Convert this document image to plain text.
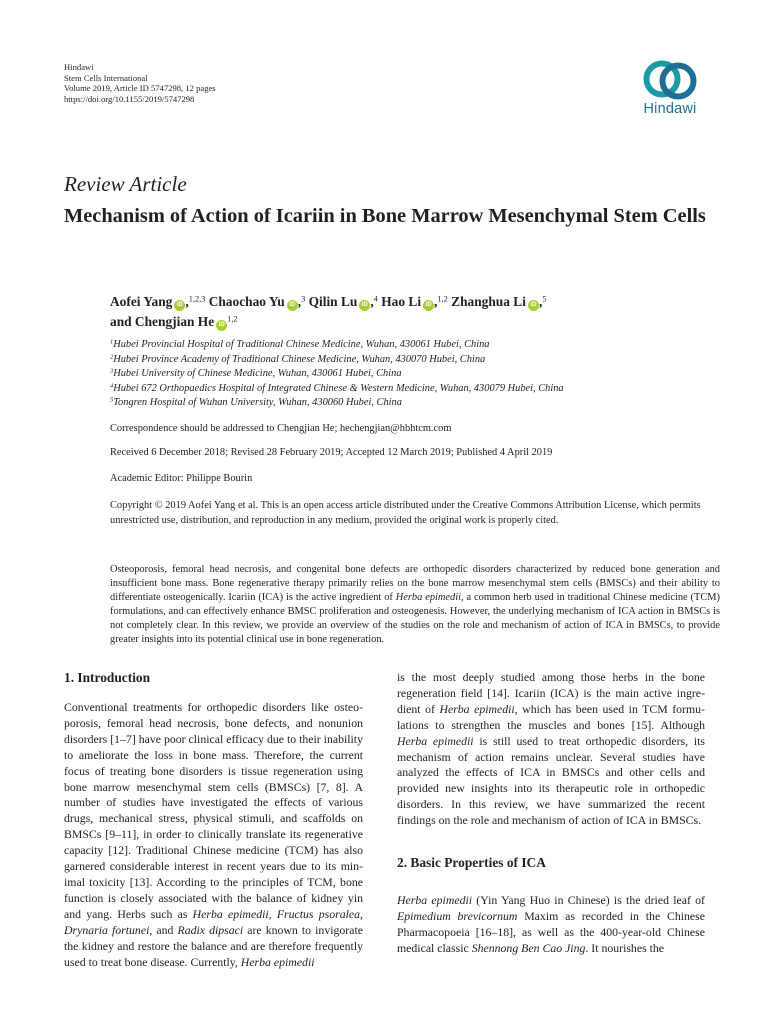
Hindawi
Stem Cells International
Volume 2019, Article ID 5747298, 12 pages
https://doi.org/10.1155/2019/5747298
Hindawi
Review Article
Mechanism of Action of Icariin in Bone Marrow Mesenchymal Stem Cells
Aofei Yang iD ,$^{1,2,3}$ Chaochao Yu iD ,$^3$ Qilin Lu iD ,$^4$ Hao Li iD ,$^{1,2}$ Zhanghua Li iD ,$^5$
and Chengjian He iD$^{1,2}$
$^1$Hubei Provincial Hospital of Traditional Chinese Medicine, Wuhan, 430061 Hubei, China
$^2$Hubei Province Academy of Traditional Chinese Medicine, Wuhan, 430070 Hubei, China
$^3$Hubei University of Chinese Medicine, Wuhan, 430061 Hubei, China
$^4$Hubei 672 Orthopaedics Hospital of Integrated Chinese & Western Medicine, Wuhan, 430079 Hubei, China
$^5$Tongren Hospital of Wuhan University, Wuhan, 430060 Hubei, China
Correspondence should be addressed to Chengjian He; hechengjian@hbhtcm.com
Received 6 December 2018; Revised 28 February 2019; Accepted 12 March 2019; Published 4 April 2019
Academic Editor: Philippe Bourin
Copyright © 2019 Aofei Yang et al. This is an open access article distributed under the Creative Commons Attribution License, which permits unrestricted use, distribution, and reproduction in any medium, provided the original work is properly cited.
Osteoporosis, femoral head necrosis, and congenital bone defects are orthopedic disorders characterized by reduced bone generation and insufficient bone mass. Bone regenerative therapy primarily relies on the bone marrow mesenchymal stem cells (BMSCs) and their ability to differentiate osteogenically. Icariin (ICA) is the active ingredient of Herba epimedii, a common herb used in traditional Chinese medicine (TCM) formulations, and can effectively enhance BMSC proliferation and osteogenesis. However, the underlying mechanism of ICA action in BMSCs is not completely clear. In this review, we provide an overview of the studies on the role and mechanism of action of ICA in BMSCs, to provide greater insights into its potential clinical use in bone regeneration.
1. Introduction
Conventional treatments for orthopedic disorders like osteoporosis, femoral head necrosis, bone defects, and nonunion disorders [1–7] have poor clinical efficacy due to their inability to ameliorate the loss in bone mass. Therefore, the current focus of treating bone disorders is tissue regeneration using bone marrow mesenchymal stem cells (BMSCs) [7, 8]. A number of studies have investigated the effects of various drugs, mechanical stress, physical stimuli, and scaffolds on BMSCs [9–11], in order to clinically translate its regenerative capacity [12]. Traditional Chinese medicine (TCM) has also garnered considerable interest in recent years due to its minimal toxicity [13]. According to the principles of TCM, bone function is closely associated with the balance of kidney yin and yang. Herbs such as Herba epimedii, Fructus psoralea, Drynaria fortunei, and Radix dipsaci are known to invigorate the kidney and restore the balance and are therefore frequently used to treat bone disease. Currently, Herba epimedii
is the most deeply studied among those herbs in the bone regeneration field [14]. Icariin (ICA) is the main active ingredient of Herba epimedii, which has been used in TCM formulations to strengthen the muscles and bones [15]. Although Herba epimedii is still used to treat orthopedic disorders, its mechanism of action remains unclear. Several studies have analyzed the effects of ICA in BMSCs and other cells and provided new insights into its therapeutic role in orthopedic disorders. In this review, we have summarized the recent findings on the role and mechanism of action of ICA in BMSCs.
2. Basic Properties of ICA
Herba epimedii (Yin Yang Huo in Chinese) is the dried leaf of Epimedium brevicornum Maxim as recorded in the Chinese Pharmacopoeia [16–18], as well as the 400-year-old Chinese medical classic Shennong Ben Cao Jing. It nourishes the
